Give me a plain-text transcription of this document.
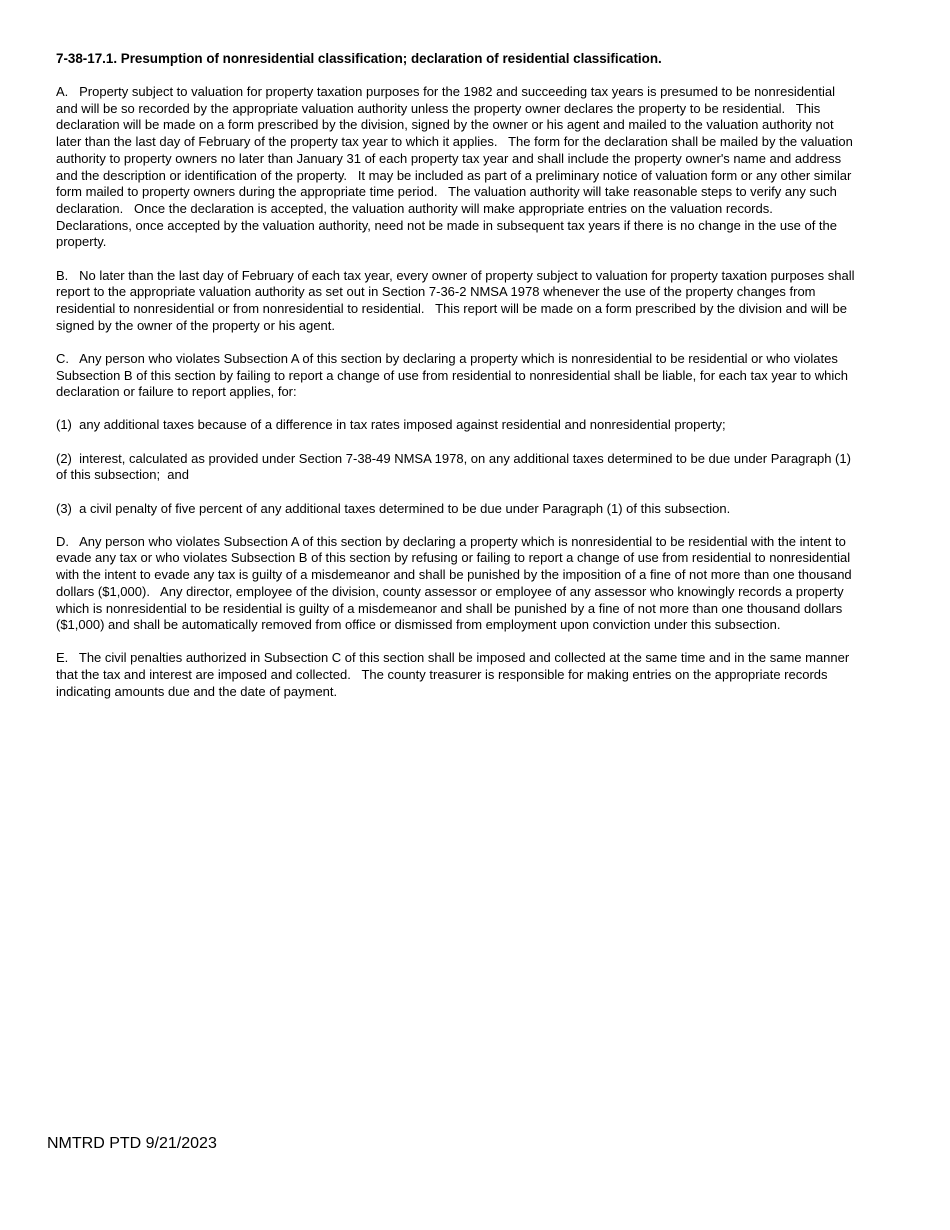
7-38-17.1. Presumption of nonresidential classification; declaration of residential classification.

A.   Property subject to valuation for property taxation purposes for the 1982 and succeeding tax years is presumed to be nonresidential and will be so recorded by the appropriate valuation authority unless the property owner declares the property to be residential.   This declaration will be made on a form prescribed by the division, signed by the owner or his agent and mailed to the valuation authority not later than the last day of February of the property tax year to which it applies.   The form for the declaration shall be mailed by the valuation authority to property owners no later than January 31 of each property tax year and shall include the property owner's name and address and the description or identification of the property.   It may be included as part of a preliminary notice of valuation form or any other similar form mailed to property owners during the appropriate time period.   The valuation authority will take reasonable steps to verify any such declaration.   Once the declaration is accepted, the valuation authority will make appropriate entries on the valuation records.   Declarations, once accepted by the valuation authority, need not be made in subsequent tax years if there is no change in the use of the property.

B.   No later than the last day of February of each tax year, every owner of property subject to valuation for property taxation purposes shall report to the appropriate valuation authority as set out in Section 7-36-2 NMSA 1978 whenever the use of the property changes from residential to nonresidential or from nonresidential to residential.   This report will be made on a form prescribed by the division and will be signed by the owner of the property or his agent.

C.   Any person who violates Subsection A of this section by declaring a property which is nonresidential to be residential or who violates Subsection B of this section by failing to report a change of use from residential to nonresidential shall be liable, for each tax year to which declaration or failure to report applies, for:

(1)  any additional taxes because of a difference in tax rates imposed against residential and nonresidential property;

(2)  interest, calculated as provided under Section 7-38-49 NMSA 1978, on any additional taxes determined to be due under Paragraph (1) of this subsection;  and

(3)  a civil penalty of five percent of any additional taxes determined to be due under Paragraph (1) of this subsection.

D.   Any person who violates Subsection A of this section by declaring a property which is nonresidential to be residential with the intent to evade any tax or who violates Subsection B of this section by refusing or failing to report a change of use from residential to nonresidential with the intent to evade any tax is guilty of a misdemeanor and shall be punished by the imposition of a fine of not more than one thousand dollars ($1,000).   Any director, employee of the division, county assessor or employee of any assessor who knowingly records a property which is nonresidential to be residential is guilty of a misdemeanor and shall be punished by a fine of not more than one thousand dollars ($1,000) and shall be automatically removed from office or dismissed from employment upon conviction under this subsection.

E.   The civil penalties authorized in Subsection C of this section shall be imposed and collected at the same time and in the same manner that the tax and interest are imposed and collected.   The county treasurer is responsible for making entries on the appropriate records indicating amounts due and the date of payment.

NMTRD PTD 9/21/2023
